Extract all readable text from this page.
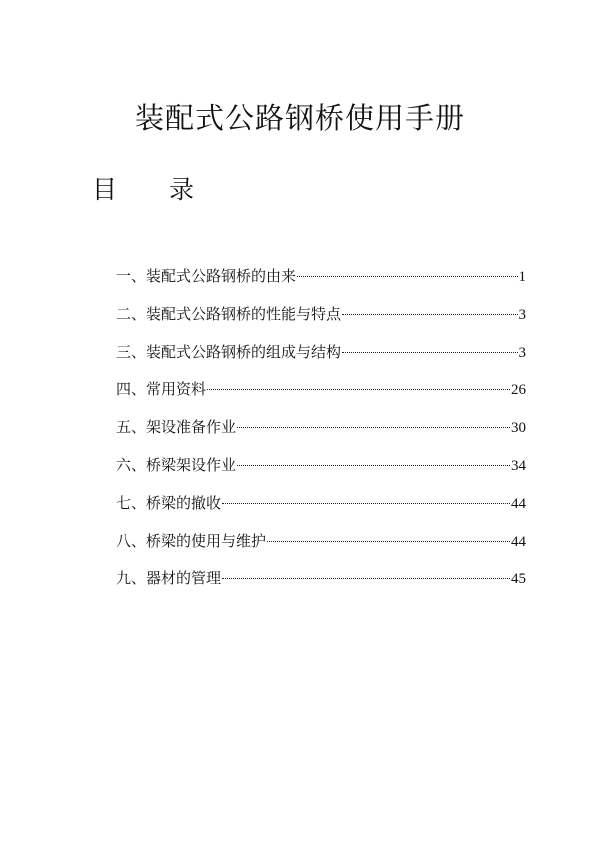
装配式公路钢桥使用手册
目 录
一、装配式公路钢桥的由来	1
二、装配式公路钢桥的性能与特点	3
三、装配式公路钢桥的组成与结构	3
四、常用资料	26
五、架设准备作业	30
六、桥梁架设作业	34
七、桥梁的撤收	44
八、桥梁的使用与维护	44
九、器材的管理	45
